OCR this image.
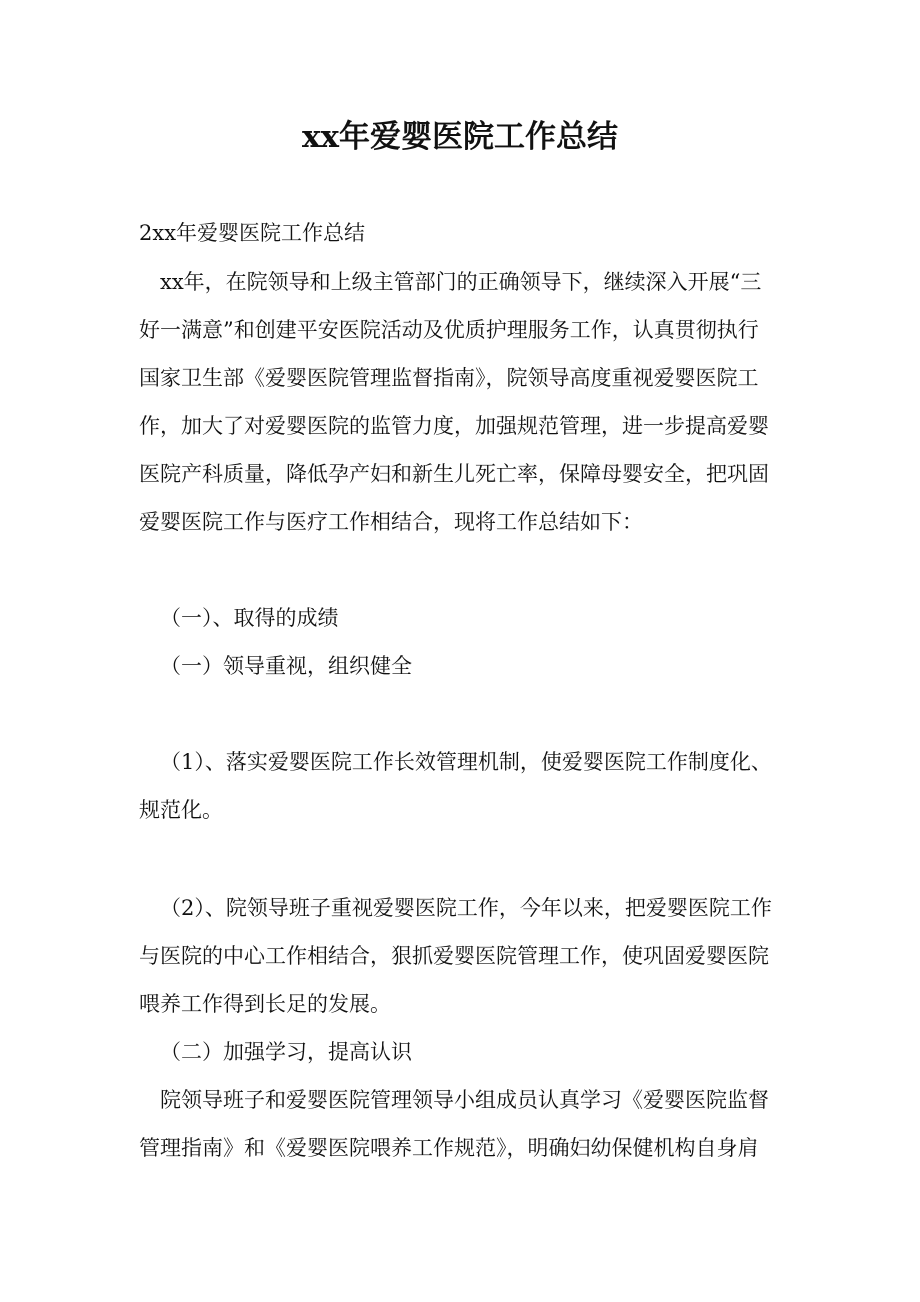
xx年爱婴医院工作总结

2xx年爱婴医院工作总结

xx年，在院领导和上级主管部门的正确领导下，继续深入开展“三

好一满意”和创建平安医院活动及优质护理服务工作，认真贯彻执行

国家卫生部《爱婴医院管理监督指南》，院领导高度重视爱婴医院工

作，加大了对爱婴医院的监管力度，加强规范管理，进一步提高爱婴

医院产科质量，降低孕产妇和新生儿死亡率，保障母婴安全，把巩固

爱婴医院工作与医疗工作相结合，现将工作总结如下：

（一）、取得的成绩

（一）领导重视，组织健全

（1）、落实爱婴医院工作长效管理机制，使爱婴医院工作制度化、

规范化。

（2）、院领导班子重视爱婴医院工作，今年以来，把爱婴医院工作

与医院的中心工作相结合，狠抓爱婴医院管理工作，使巩固爱婴医院

喂养工作得到长足的发展。

（二）加强学习，提高认识

院领导班子和爱婴医院管理领导小组成员认真学习《爱婴医院监督

管理指南》和《爱婴医院喂养工作规范》，明确妇幼保健机构自身肩
